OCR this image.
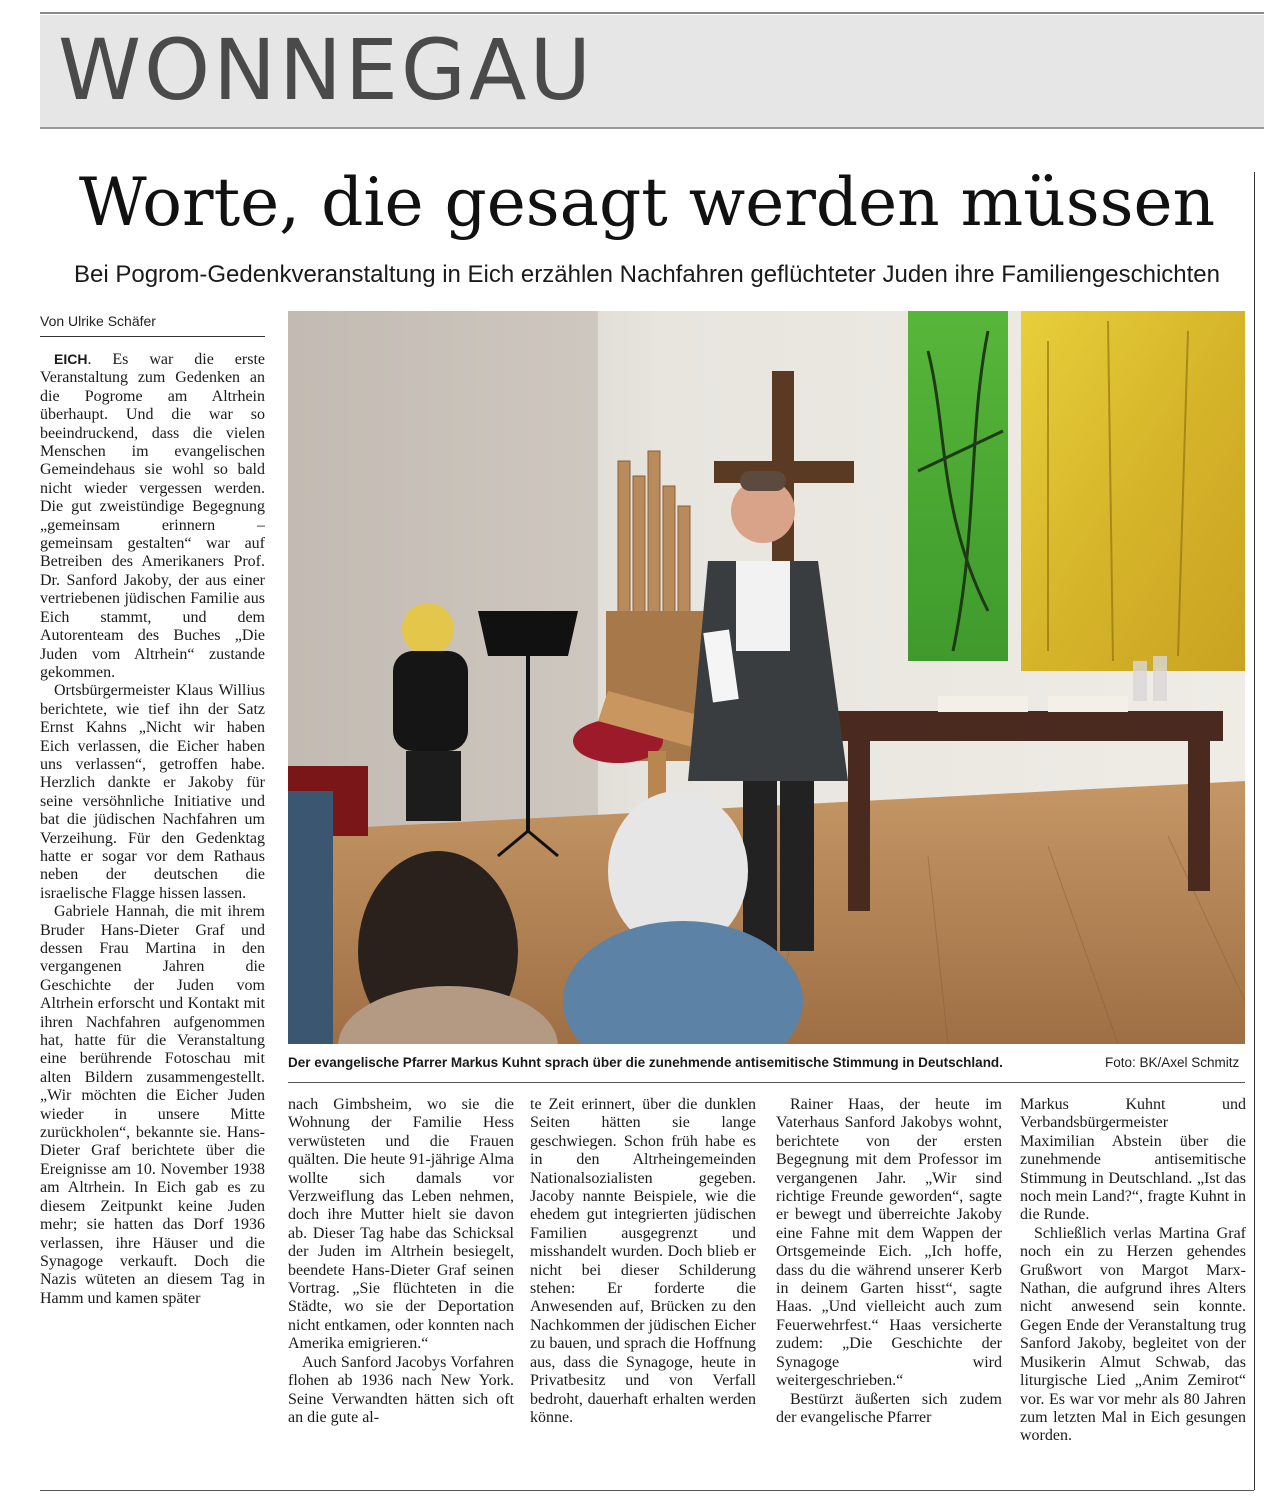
WONNEGAU
Worte, die gesagt werden müssen
Bei Pogrom-Gedenkveranstaltung in Eich erzählen Nachfahren geflüchteter Juden ihre Familiengeschichten
Von Ulrike Schäfer

EICH. Es war die erste Veranstaltung zum Gedenken an die Pogrome am Altrhein überhaupt. Und die war so beeindruckend, dass die vielen Menschen im evangelischen Gemeindehaus sie wohl so bald nicht wieder vergessen werden. Die gut zweistündige Begegnung „gemeinsam erinnern – gemeinsam gestalten“ war auf Betreiben des Amerikaners Prof. Dr. Sanford Jakoby, der aus einer vertriebenen jüdischen Familie aus Eich stammt, und dem Autorenteam des Buches „Die Juden vom Altrhein“ zustande gekommen.

Ortsbürgermeister Klaus Willius berichtete, wie tief ihn der Satz Ernst Kahns „Nicht wir haben Eich verlassen, die Eicher haben uns verlassen“, getroffen habe. Herzlich dankte er Jakoby für seine versöhnliche Initiative und bat die jüdischen Nachfahren um Verzeihung. Für den Gedenktag hatte er sogar vor dem Rathaus neben der deutschen die israelische Flagge hissen lassen.

Gabriele Hannah, die mit ihrem Bruder Hans-Dieter Graf und dessen Frau Martina in den vergangenen Jahren die Geschichte der Juden vom Altrhein erforscht und Kontakt mit ihren Nachfahren aufgenommen hat, hatte für die Veranstaltung eine berührende Fotoschau mit alten Bildern zusammengestellt. „Wir möchten die Eicher Juden wieder in unsere Mitte zurückholen“, bekannte sie. Hans-Dieter Graf berichtete über die Ereignisse am 10. November 1938 am Altrhein. In Eich gab es zu diesem Zeitpunkt keine Juden mehr; sie hatten das Dorf 1936 verlassen, ihre Häuser und die Synagoge verkauft. Doch die Nazis wüteten an diesem Tag in Hamm und kamen später

Der evangelische Pfarrer Markus Kuhnt sprach über die zunehmende antisemitische Stimmung in Deutschland.	Foto: BK/Axel Schmitz

nach Gimbsheim, wo sie die Wohnung der Familie Hess verwüsteten und die Frauen quälten. Die heute 91-jährige Alma wollte sich damals vor Verzweiflung das Leben nehmen, doch ihre Mutter hielt sie davon ab. Dieser Tag habe das Schicksal der Juden im Altrhein besiegelt, beendete Hans-Dieter Graf seinen Vortrag. „Sie flüchteten in die Städte, wo sie der Deportation nicht entkamen, oder konnten nach Amerika emigrieren.“

Auch Sanford Jacobys Vorfahren flohen ab 1936 nach New York. Seine Verwandten hätten sich oft an die gute al-

te Zeit erinnert, über die dunklen Seiten hätten sie lange geschwiegen. Schon früh habe es in den Altrheingemeinden Nationalsozialisten gegeben. Jacoby nannte Beispiele, wie die ehedem gut integrierten jüdischen Familien ausgegrenzt und misshandelt wurden. Doch blieb er nicht bei dieser Schilderung stehen: Er forderte die Anwesenden auf, Brücken zu den Nachkommen der jüdischen Eicher zu bauen, und sprach die Hoffnung aus, dass die Synagoge, heute in Privatbesitz und von Verfall bedroht, dauerhaft erhalten werden könne.

Rainer Haas, der heute im Vaterhaus Sanford Jakobys wohnt, berichtete von der ersten Begegnung mit dem Professor im vergangenen Jahr. „Wir sind richtige Freunde geworden“, sagte er bewegt und überreichte Jakoby eine Fahne mit dem Wappen der Ortsgemeinde Eich. „Ich hoffe, dass du die während unserer Kerb in deinem Garten hisst“, sagte Haas. „Und vielleicht auch zum Feuerwehrfest.“ Haas versicherte zudem: „Die Geschichte der Synagoge wird weitergeschrieben.“

Bestürzt äußerten sich zudem der evangelische Pfarrer

Markus Kuhnt und Verbandsbürgermeister Maximilian Abstein über die zunehmende antisemitische Stimmung in Deutschland. „Ist das noch mein Land?“, fragte Kuhnt in die Runde.

Schließlich verlas Martina Graf noch ein zu Herzen gehendes Grußwort von Margot Marx-Nathan, die aufgrund ihres Alters nicht anwesend sein konnte. Gegen Ende der Veranstaltung trug Sanford Jakoby, begleitet von der Musikerin Almut Schwab, das liturgische Lied „Anim Zemirot“ vor. Es war vor mehr als 80 Jahren zum letzten Mal in Eich gesungen worden.
